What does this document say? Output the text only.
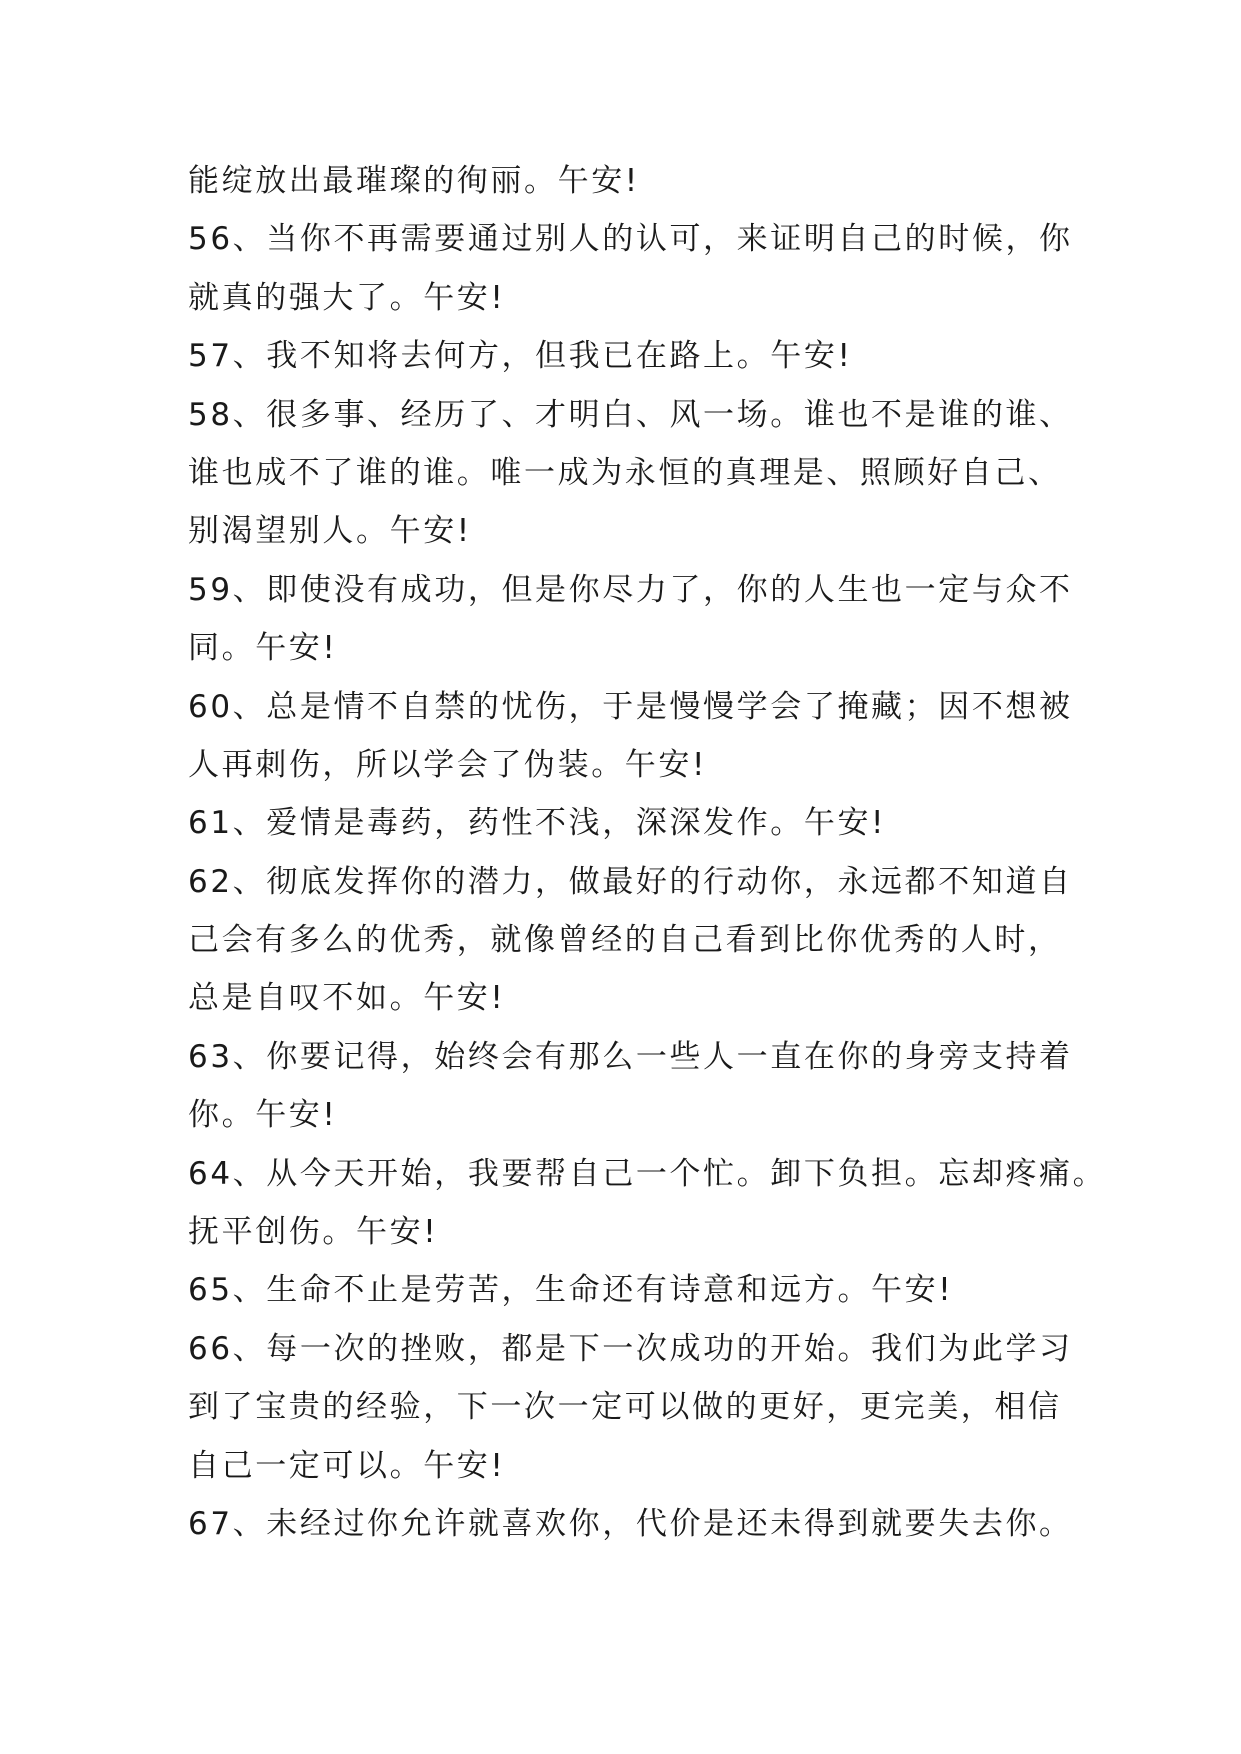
能绽放出最璀璨的徇丽。午安!
56、当你不再需要通过别人的认可，来证明自己的时候，你
就真的强大了。午安!
57、我不知将去何方，但我已在路上。午安!
58、很多事、经历了、才明白、风一场。谁也不是谁的谁、
谁也成不了谁的谁。唯一成为永恒的真理是、照顾好自己、
别渴望别人。午安!
59、即使没有成功，但是你尽力了，你的人生也一定与众不
同。午安!
60、总是情不自禁的忧伤，于是慢慢学会了掩藏；因不想被
人再刺伤，所以学会了伪装。午安!
61、爱情是毒药，药性不浅，深深发作。午安!
62、彻底发挥你的潜力，做最好的行动你，永远都不知道自
己会有多么的优秀，就像曾经的自己看到比你优秀的人时，
总是自叹不如。午安!
63、你要记得，始终会有那么一些人一直在你的身旁支持着
你。午安!
64、从今天开始，我要帮自己一个忙。卸下负担。忘却疼痛。
抚平创伤。午安!
65、生命不止是劳苦，生命还有诗意和远方。午安!
66、每一次的挫败，都是下一次成功的开始。我们为此学习
到了宝贵的经验，下一次一定可以做的更好，更完美，相信
自己一定可以。午安!
67、未经过你允许就喜欢你，代价是还未得到就要失去你。
